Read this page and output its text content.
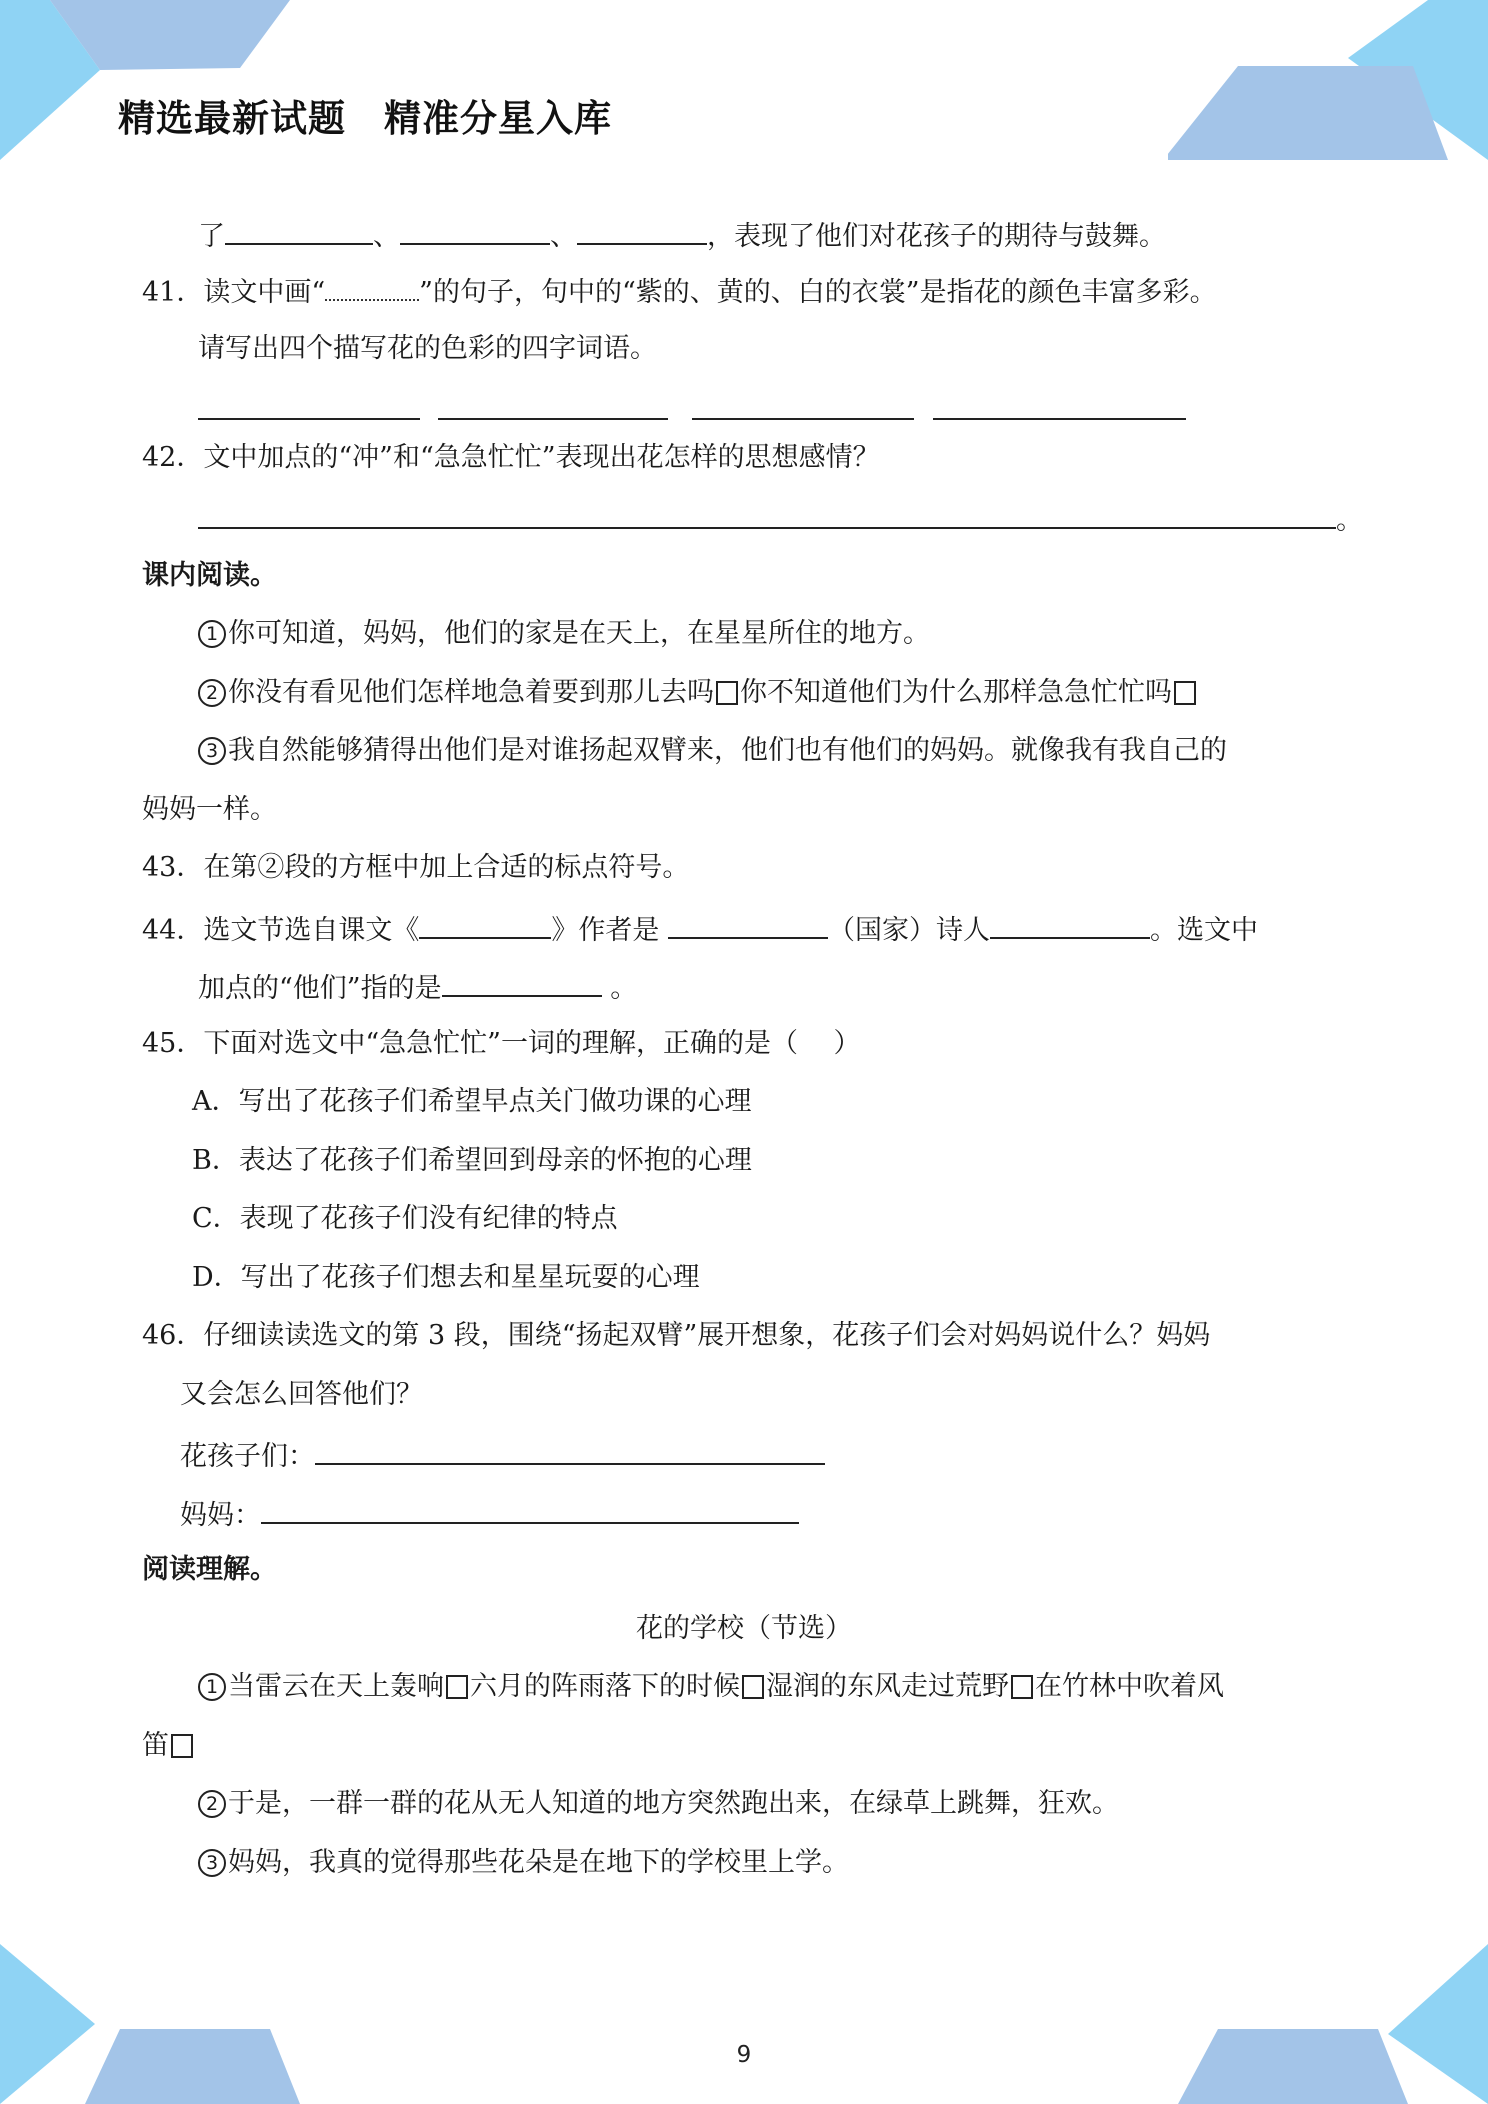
精选最新试题　精准分星入库

了	、	、	，表现了他们对花孩子的期待与鼓舞。

41．读文中画“	”的句子，句中的“紫的、黄的、白的衣裳”是指花的颜色丰富多彩。

请写出四个描写花的色彩的四字词语。

42．文中加点的“冲”和“急急忙忙”表现出花怎样的思想感情？

。

课内阅读。

1 你可知道，妈妈，他们的家是在天上，在星星所住的地方。

2 你没有看见他们怎样地急着要到那儿去吗 你不知道他们为什么那样急急忙忙吗

3 我自然能够猜得出他们是对谁扬起双臂来，他们也有他们的妈妈。就像我有我自己的

妈妈一样。

43．在第②段的方框中加上合适的标点符号。

44．选文节选自课文《	》作者是	（国家）诗人	。选文中

加点的“他们”指的是	。

45．下面对选文中“急急忙忙”一词的理解，正确的是（　 ）

A．写出了花孩子们希望早点关门做功课的心理

B．表达了花孩子们希望回到母亲的怀抱的心理

C．表现了花孩子们没有纪律的特点

D．写出了花孩子们想去和星星玩耍的心理

46．仔细读读选文的第 3 段，围绕“扬起双臂”展开想象，花孩子们会对妈妈说什么？妈妈

又会怎么回答他们？

花孩子们：

妈妈：

阅读理解。

花的学校（节选）

1 当雷云在天上轰响 六月的阵雨落下的时候 湿润的东风走过荒野 在竹林中吹着风

笛

2 于是，一群一群的花从无人知道的地方突然跑出来，在绿草上跳舞，狂欢。

3 妈妈，我真的觉得那些花朵是在地下的学校里上学。

9
